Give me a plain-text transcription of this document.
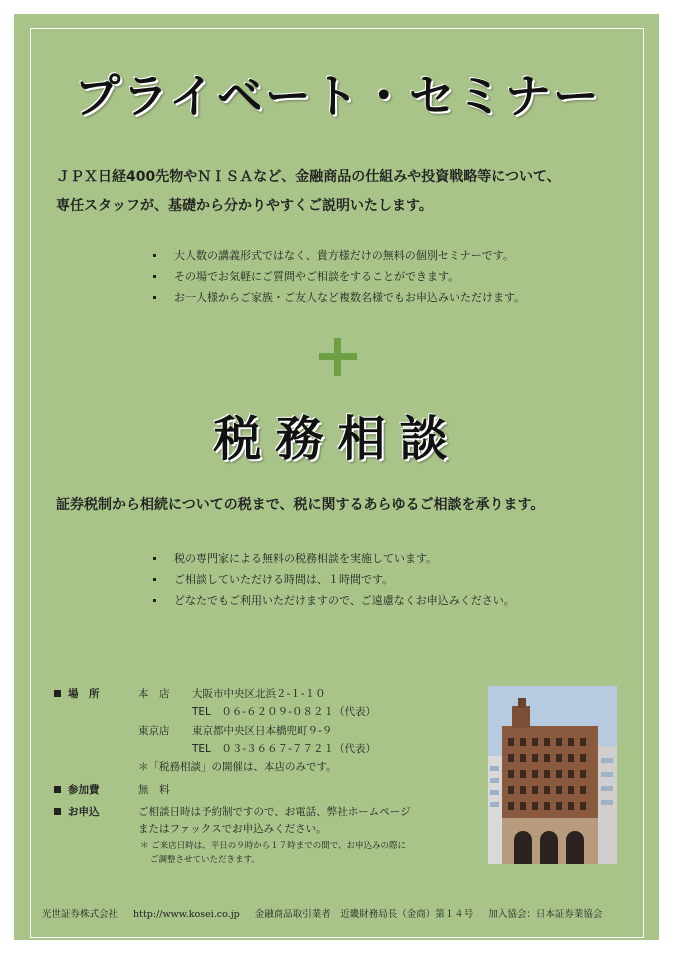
プライベート・セミナー
ＪＰＸ日経400先物やＮＩＳＡなど、金融商品の仕組みや投資戦略等について、
専任スタッフが、基礎から分かりやすくご説明いたします。
大人数の講義形式ではなく、貴方様だけの無料の個別セミナーです。
その場でお気軽にご質問やご相談をすることができます。
お一人様からご家族・ご友人など複数名様でもお申込みいただけます。
税務相談
証券税制から相続についての税まで、税に関するあらゆるご相談を承ります。
税の専門家による無料の税務相談を実施しています。
ご相談していただける時間は、１時間です。
どなたでもご利用いただけますので、ご遠慮なくお申込みください。
場　所	本　店 大阪市中央区北浜２-１-１０
TEL　０６-６２０９-０８２１（代表）
東京店 東京都中央区日本橋兜町９-９
TEL　０３-３６６７-７７２１（代表）
＊「税務相談」の開催は、本店のみです。
参加費	無　料
お申込	ご相談日時は予約制ですので、お電話、弊社ホームページ
またはファックスでお申込みください。
＊ ご来店日時は、平日の９時から１７時までの間で、お申込みの際に
ご調整させていただきます。
光世証券株式会社 http://www.kosei.co.jp 金融商品取引業者　近畿財務局長（金商）第１４号 加入協会：日本証券業協会
